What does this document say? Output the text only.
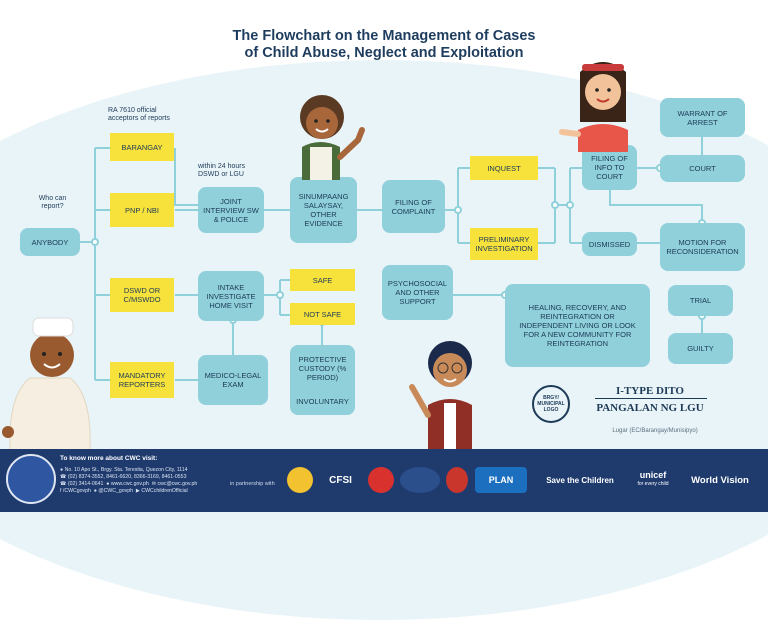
The Flowchart on the Management of Cases
of Child Abuse, Neglect and Exploitation
Who can report?
RA 7610 official acceptors of reports
within 24 hours DSWD or LGU
ANYBODY
BARANGAY
PNP / NBI
DSWD OR C/MSWDO
MANDATORY REPORTERS
JOINT INTERVIEW SW & POLICE
INTAKE INVESTIGATE HOME VISIT
MEDICO-LEGAL EXAM
SINUMPAANG SALAYSAY, OTHER EVIDENCE
SAFE
NOT SAFE
PROTECTIVE CUSTODY (% PERIOD)
INVOLUNTARY
FILING OF COMPLAINT
PSYCHOSOCIAL AND OTHER SUPPORT
INQUEST
PRELIMINARY INVESTIGATION
FILING OF INFO TO COURT
DISMISSED
WARRANT OF ARREST
COURT
MOTION FOR RECONSIDERATION
HEALING, RECOVERY, AND REINTEGRATION OR INDEPENDENT LIVING OR LOOK FOR A NEW COMMUNITY FOR REINTEGRATION
TRIAL
GUILTY
BRGY/ MUNICIPAL LOGO
I-TYPE DITO
PANGALAN NG LGU
Lugar (EC/Barangay/Munisipyo)
To know more about CWC visit:
● No. 10 Apo St., Brgy. Sta. Teresita, Quezon City, 1114
☎ (02) 8374-3552, 8461-6620, 8366-3169, 8461-0553
☎ (02) 3414-0641 ● www.cwc.gov.ph ✉ cwc@cwc.gov.ph
f /CWCgovph ● @CWC_govph ▶ CWCchildrenOfficial
in partnership with	CFSI	PLAN	Save the Children	unicef
for every child	World Vision
